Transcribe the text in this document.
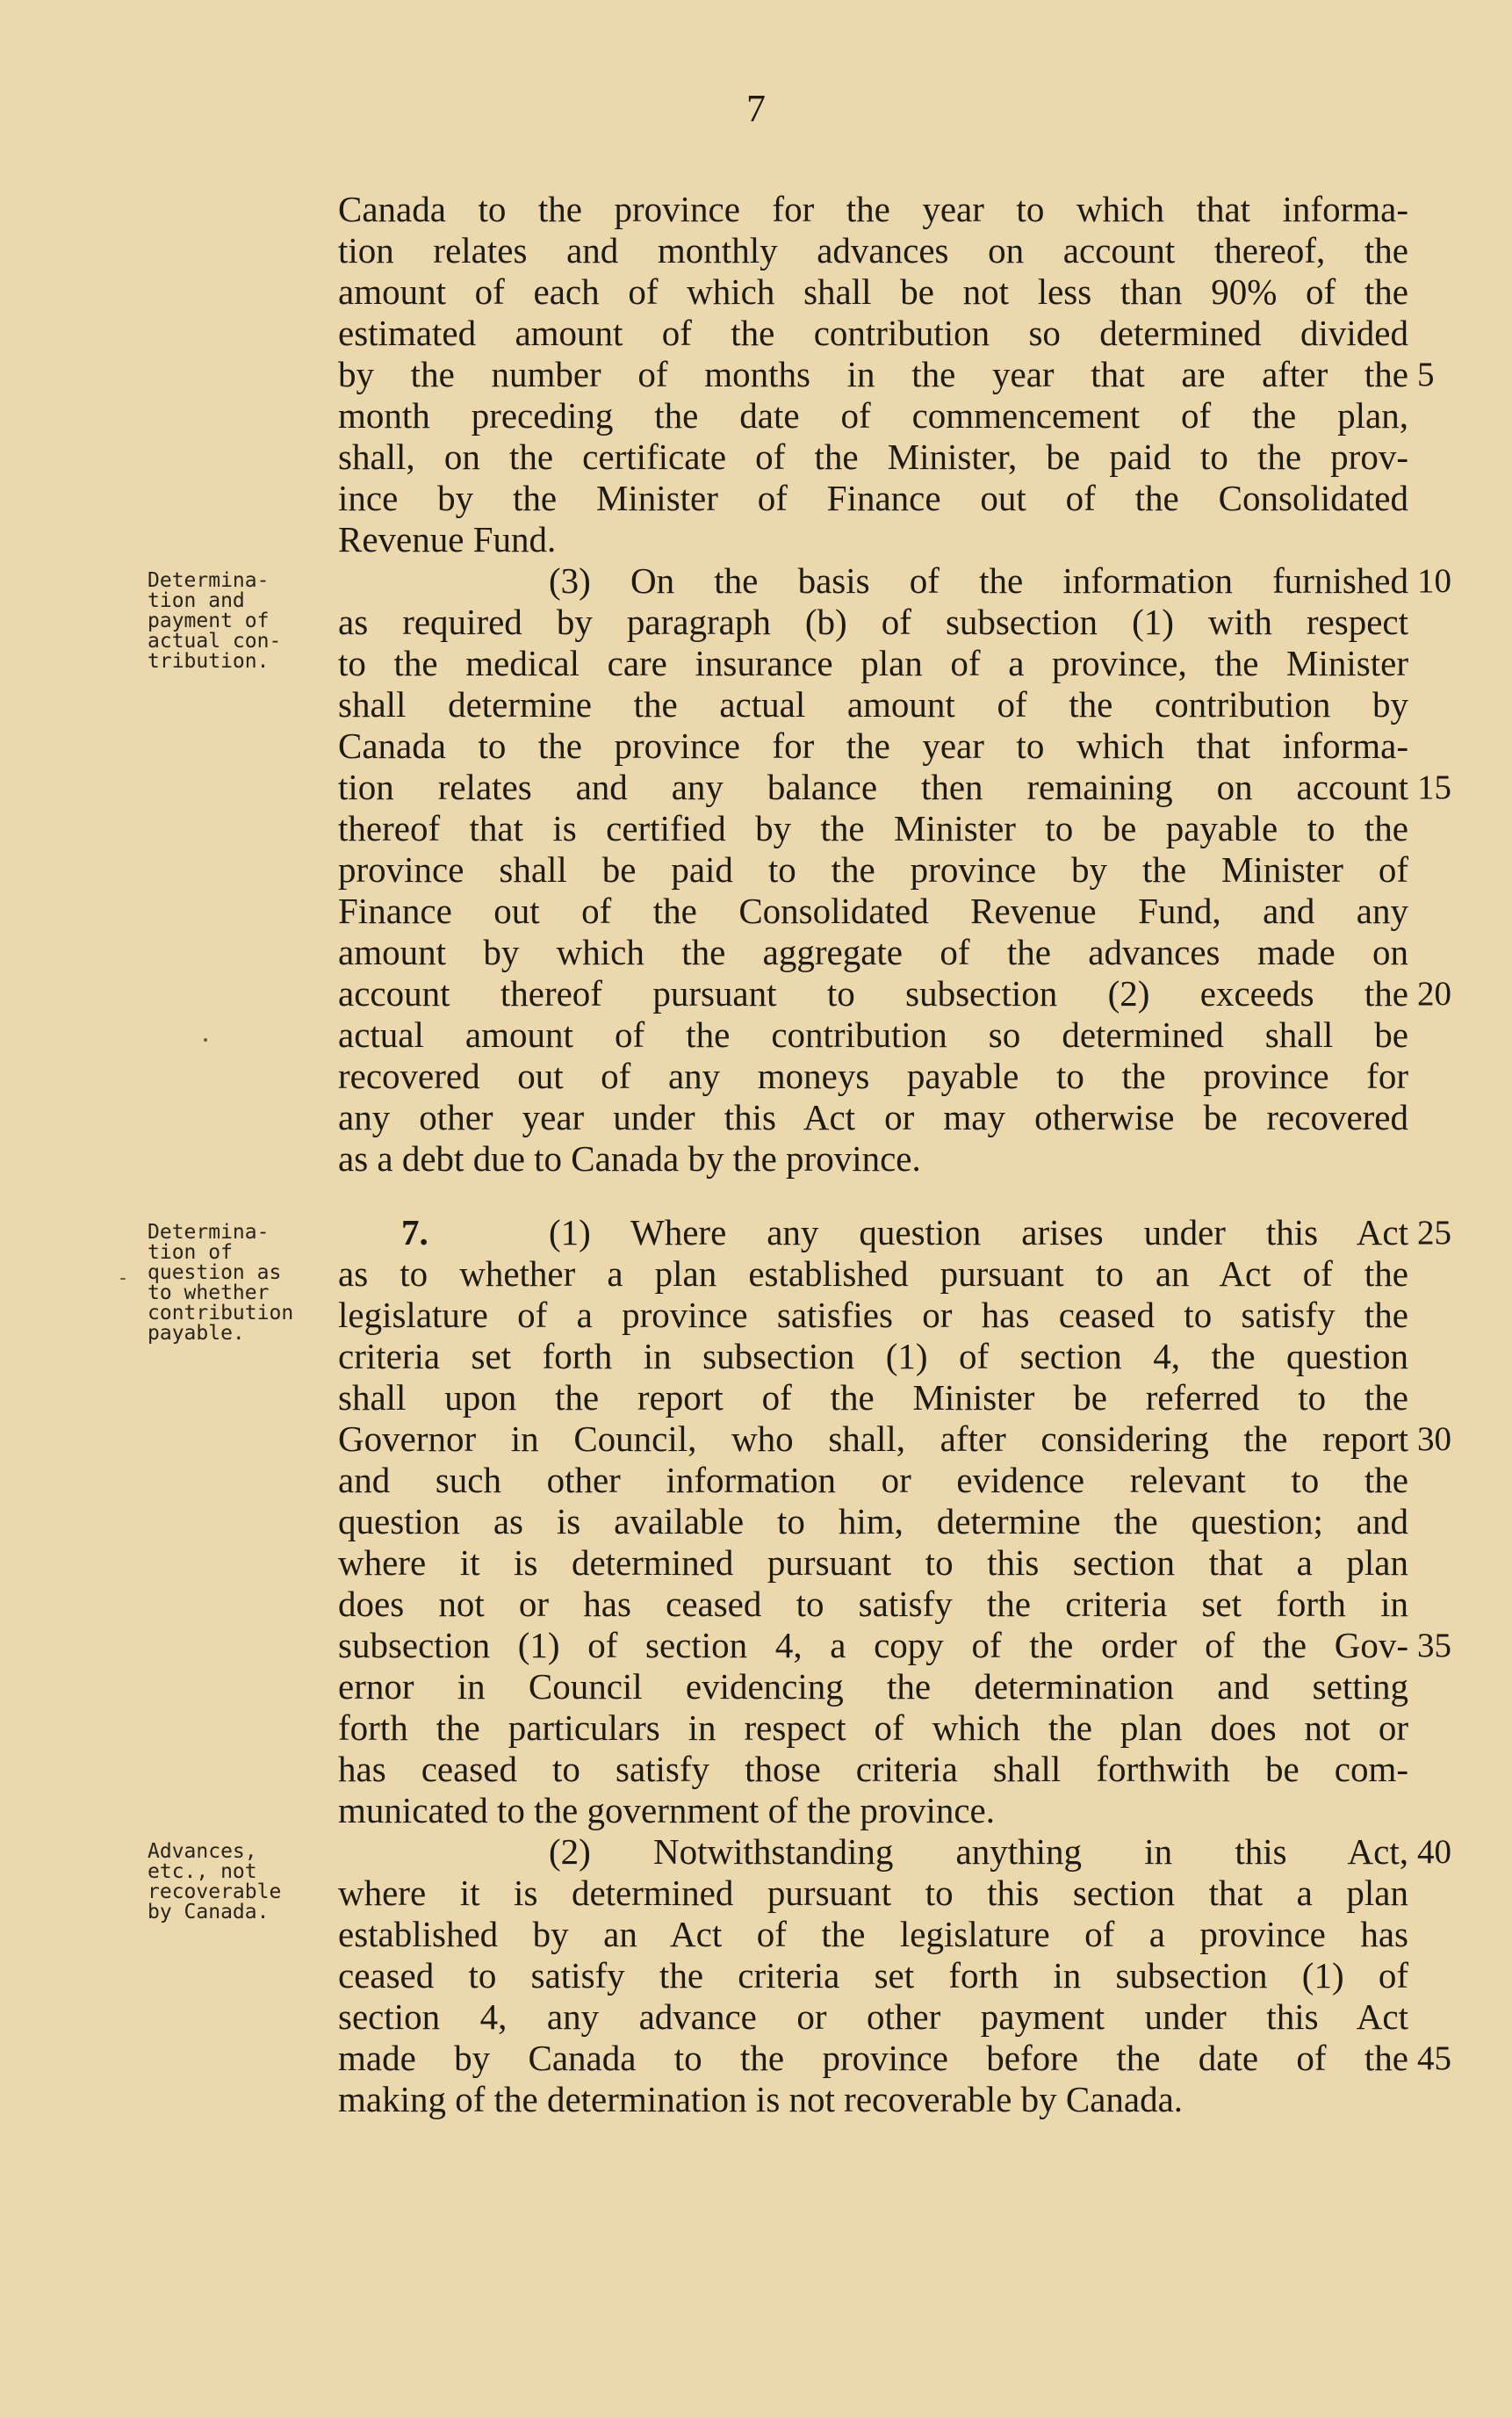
7
Canada to the province for the year to which that informa-
tion relates and monthly advances on account thereof, the
amount of each of which shall be not less than 90% of the
estimated amount of the contribution so determined divided
by the number of months in the year that are after the 5
month preceding the date of commencement of the plan,
shall, on the certificate of the Minister, be paid to the prov-
ince by the Minister of Finance out of the Consolidated
Revenue Fund.
(3) On the basis of the information furnished 10
as required by paragraph (b) of subsection (1) with respect
to the medical care insurance plan of a province, the Minister
shall determine the actual amount of the contribution by
Canada to the province for the year to which that informa-
tion relates and any balance then remaining on account 15
thereof that is certified by the Minister to be payable to the
province shall be paid to the province by the Minister of
Finance out of the Consolidated Revenue Fund, and any
amount by which the aggregate of the advances made on
account thereof pursuant to subsection (2) exceeds the 20
actual amount of the contribution so determined shall be
recovered out of any moneys payable to the province for
any other year under this Act or may otherwise be recovered
as a debt due to Canada by the province.
7.	(1) Where any question arises under this Act 25
as to whether a plan established pursuant to an Act of the
legislature of a province satisfies or has ceased to satisfy the
criteria set forth in subsection (1) of section 4, the question
shall upon the report of the Minister be referred to the
Governor in Council, who shall, after considering the report 30
and such other information or evidence relevant to the
question as is available to him, determine the question; and
where it is determined pursuant to this section that a plan
does not or has ceased to satisfy the criteria set forth in
subsection (1) of section 4, a copy of the order of the Gov- 35
ernor in Council evidencing the determination and setting
forth the particulars in respect of which the plan does not or
has ceased to satisfy those criteria shall forthwith be com-
municated to the government of the province.
(2) Notwithstanding anything in this Act, 40
where it is determined pursuant to this section that a plan
established by an Act of the legislature of a province has
ceased to satisfy the criteria set forth in subsection (1) of
section 4, any advance or other payment under this Act
made by Canada to the province before the date of the 45
making of the determination is not recoverable by Canada.
Determina-
tion and
payment of
actual con-
tribution.
Determina-
tion of
question as
to whether
contribution
payable.
Advances,
etc., not
recoverable
by Canada.
